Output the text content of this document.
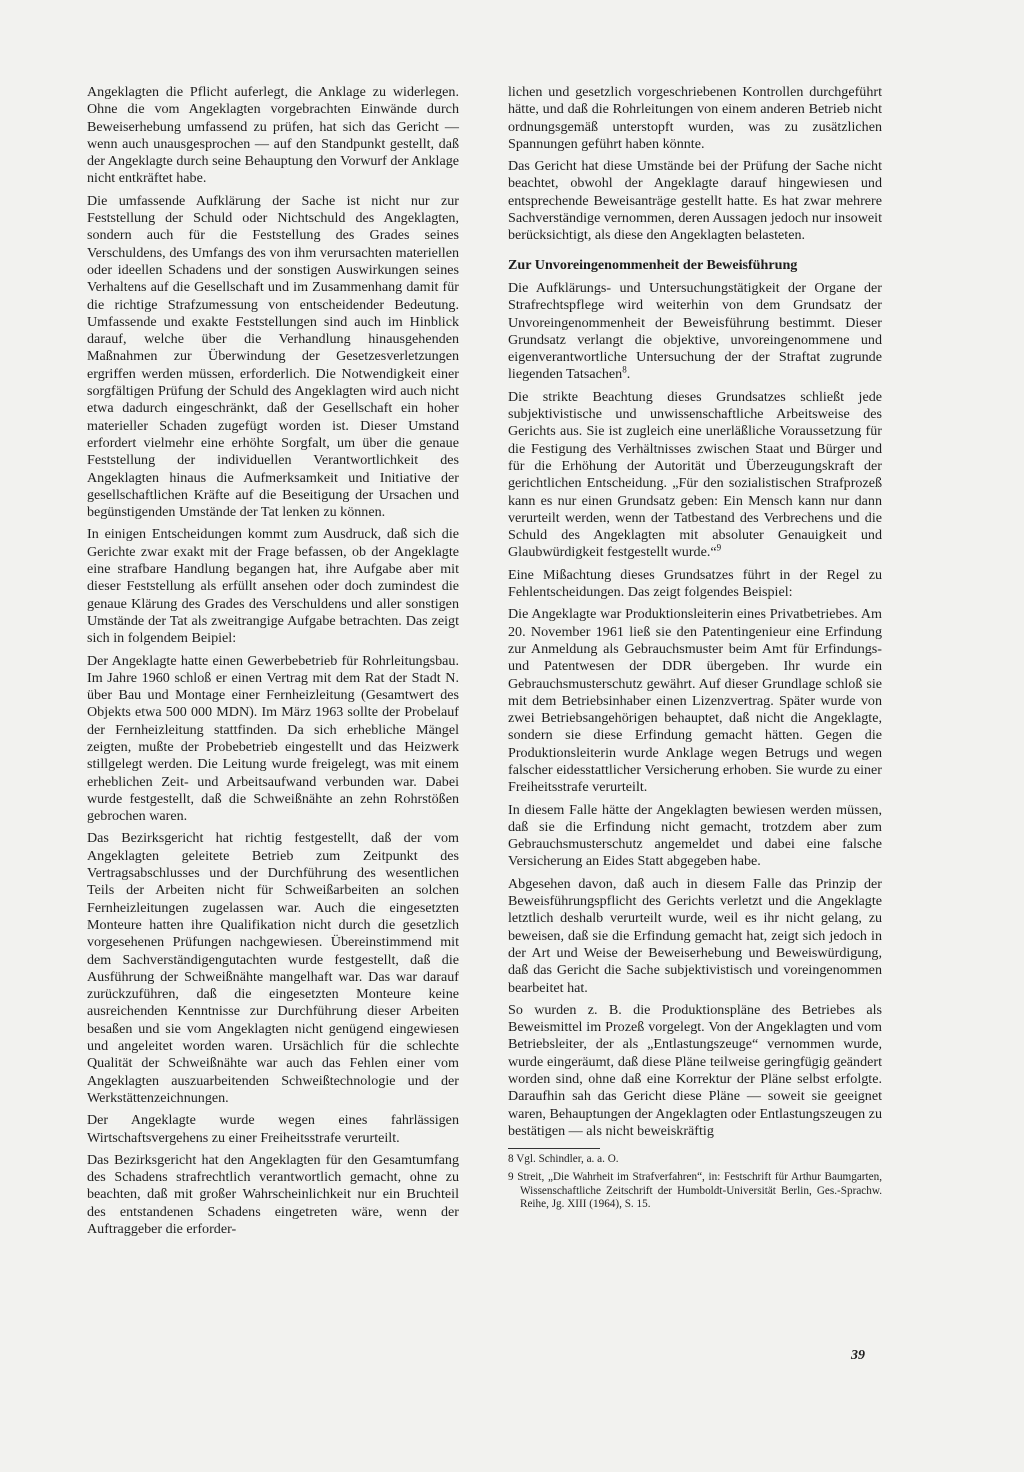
Angeklagten die Pflicht auferlegt, die Anklage zu widerlegen. Ohne die vom Angeklagten vorgebrachten Einwände durch Beweiserhebung umfassend zu prüfen, hat sich das Gericht — wenn auch unausgesprochen — auf den Standpunkt gestellt, daß der Angeklagte durch seine Behauptung den Vorwurf der Anklage nicht entkräftet habe.

Die umfassende Aufklärung der Sache ist nicht nur zur Feststellung der Schuld oder Nichtschuld des Angeklagten, sondern auch für die Feststellung des Grades seines Verschuldens, des Umfangs des von ihm verursachten materiellen oder ideellen Schadens und der sonstigen Auswirkungen seines Verhaltens auf die Gesellschaft und im Zusammenhang damit für die richtige Strafzumessung von entscheidender Bedeutung. Umfassende und exakte Feststellungen sind auch im Hinblick darauf, welche über die Verhandlung hinausgehenden Maßnahmen zur Überwindung der Gesetzesverletzungen ergriffen werden müssen, erforderlich. Die Notwendigkeit einer sorgfältigen Prüfung der Schuld des Angeklagten wird auch nicht etwa dadurch eingeschränkt, daß der Gesellschaft ein hoher materieller Schaden zugefügt worden ist. Dieser Umstand erfordert vielmehr eine erhöhte Sorgfalt, um über die genaue Feststellung der individuellen Verantwortlichkeit des Angeklagten hinaus die Aufmerksamkeit und Initiative der gesellschaftlichen Kräfte auf die Beseitigung der Ursachen und begünstigenden Umstände der Tat lenken zu können.

In einigen Entscheidungen kommt zum Ausdruck, daß sich die Gerichte zwar exakt mit der Frage befassen, ob der Angeklagte eine strafbare Handlung begangen hat, ihre Aufgabe aber mit dieser Feststellung als erfüllt ansehen oder doch zumindest die genaue Klärung des Grades des Verschuldens und aller sonstigen Umstände der Tat als zweitrangige Aufgabe betrachten. Das zeigt sich in folgendem Beipiel:

Der Angeklagte hatte einen Gewerbebetrieb für Rohrleitungsbau. Im Jahre 1960 schloß er einen Vertrag mit dem Rat der Stadt N. über Bau und Montage einer Fernheizleitung (Gesamtwert des Objekts etwa 500 000 MDN). Im März 1963 sollte der Probelauf der Fernheizleitung stattfinden. Da sich erhebliche Mängel zeigten, mußte der Probebetrieb eingestellt und das Heizwerk stillgelegt werden. Die Leitung wurde freigelegt, was mit einem erheblichen Zeit- und Arbeitsaufwand verbunden war. Dabei wurde festgestellt, daß die Schweißnähte an zehn Rohrstößen gebrochen waren.

Das Bezirksgericht hat richtig festgestellt, daß der vom Angeklagten geleitete Betrieb zum Zeitpunkt des Vertragsabschlusses und der Durchführung des wesentlichen Teils der Arbeiten nicht für Schweißarbeiten an solchen Fernheizleitungen zugelassen war. Auch die eingesetzten Monteure hatten ihre Qualifikation nicht durch die gesetzlich vorgesehenen Prüfungen nachgewiesen. Übereinstimmend mit dem Sachverständigengutachten wurde festgestellt, daß die Ausführung der Schweißnähte mangelhaft war. Das war darauf zurückzuführen, daß die eingesetzten Monteure keine ausreichenden Kenntnisse zur Durchführung dieser Arbeiten besaßen und sie vom Angeklagten nicht genügend eingewiesen und angeleitet worden waren. Ursächlich für die schlechte Qualität der Schweißnähte war auch das Fehlen einer vom Angeklagten auszuarbeitenden Schweißtechnologie und der Werkstättenzeichnungen.

Der Angeklagte wurde wegen eines fahrlässigen Wirtschaftsvergehens zu einer Freiheitsstrafe verurteilt.

Das Bezirksgericht hat den Angeklagten für den Gesamtumfang des Schadens strafrechtlich verantwortlich gemacht, ohne zu beachten, daß mit großer Wahrscheinlichkeit nur ein Bruchteil des entstandenen Schadens eingetreten wäre, wenn der Auftraggeber die erforder-

lichen und gesetzlich vorgeschriebenen Kontrollen durchgeführt hätte, und daß die Rohrleitungen von einem anderen Betrieb nicht ordnungsgemäß unterstopft wurden, was zu zusätzlichen Spannungen geführt haben könnte.

Das Gericht hat diese Umstände bei der Prüfung der Sache nicht beachtet, obwohl der Angeklagte darauf hingewiesen und entsprechende Beweisanträge gestellt hatte. Es hat zwar mehrere Sachverständige vernommen, deren Aussagen jedoch nur insoweit berücksichtigt, als diese den Angeklagten belasteten.

Zur Unvoreingenommenheit der Beweisführung

Die Aufklärungs- und Untersuchungstätigkeit der Organe der Strafrechtspflege wird weiterhin von dem Grundsatz der Unvoreingenommenheit der Beweisführung bestimmt. Dieser Grundsatz verlangt die objektive, unvoreingenommene und eigenverantwortliche Untersuchung der der Straftat zugrunde liegenden Tatsachen$^8$.

Die strikte Beachtung dieses Grundsatzes schließt jede subjektivistische und unwissenschaftliche Arbeitsweise des Gerichts aus. Sie ist zugleich eine unerläßliche Voraussetzung für die Festigung des Verhältnisses zwischen Staat und Bürger und für die Erhöhung der Autorität und Überzeugungskraft der gerichtlichen Entscheidung. „Für den sozialistischen Strafprozeß kann es nur einen Grundsatz geben: Ein Mensch kann nur dann verurteilt werden, wenn der Tatbestand des Verbrechens und die Schuld des Angeklagten mit absoluter Genauigkeit und Glaubwürdigkeit festgestellt wurde.“$^9$

Eine Mißachtung dieses Grundsatzes führt in der Regel zu Fehlentscheidungen. Das zeigt folgendes Beispiel:

Die Angeklagte war Produktionsleiterin eines Privatbetriebes. Am 20. November 1961 ließ sie den Patentingenieur eine Erfindung zur Anmeldung als Gebrauchsmuster beim Amt für Erfindungs- und Patentwesen der DDR übergeben. Ihr wurde ein Gebrauchsmusterschutz gewährt. Auf dieser Grundlage schloß sie mit dem Betriebsinhaber einen Lizenzvertrag. Später wurde von zwei Betriebsangehörigen behauptet, daß nicht die Angeklagte, sondern sie diese Erfindung gemacht hätten. Gegen die Produktionsleiterin wurde Anklage wegen Betrugs und wegen falscher eidesstattlicher Versicherung erhoben. Sie wurde zu einer Freiheitsstrafe verurteilt.

In diesem Falle hätte der Angeklagten bewiesen werden müssen, daß sie die Erfindung nicht gemacht, trotzdem aber zum Gebrauchsmusterschutz angemeldet und dabei eine falsche Versicherung an Eides Statt abgegeben habe.

Abgesehen davon, daß auch in diesem Falle das Prinzip der Beweisführungspflicht des Gerichts verletzt und die Angeklagte letztlich deshalb verurteilt wurde, weil es ihr nicht gelang, zu beweisen, daß sie die Erfindung gemacht hat, zeigt sich jedoch in der Art und Weise der Beweiserhebung und Beweiswürdigung, daß das Gericht die Sache subjektivistisch und voreingenommen bearbeitet hat.

So wurden z. B. die Produktionspläne des Betriebes als Beweismittel im Prozeß vorgelegt. Von der Angeklagten und vom Betriebsleiter, der als „Entlastungszeuge“ vernommen wurde, wurde eingeräumt, daß diese Pläne teilweise geringfügig geändert worden sind, ohne daß eine Korrektur der Pläne selbst erfolgte. Daraufhin sah das Gericht diese Pläne — soweit sie geeignet waren, Behauptungen der Angeklagten oder Entlastungszeugen zu bestätigen — als nicht beweiskräftig

8 Vgl. Schindler, a. a. O.

9 Streit, „Die Wahrheit im Strafverfahren“, in: Festschrift für Arthur Baumgarten, Wissenschaftliche Zeitschrift der Humboldt-Universität Berlin, Ges.-Sprachw. Reihe, Jg. XIII (1964), S. 15.

39
